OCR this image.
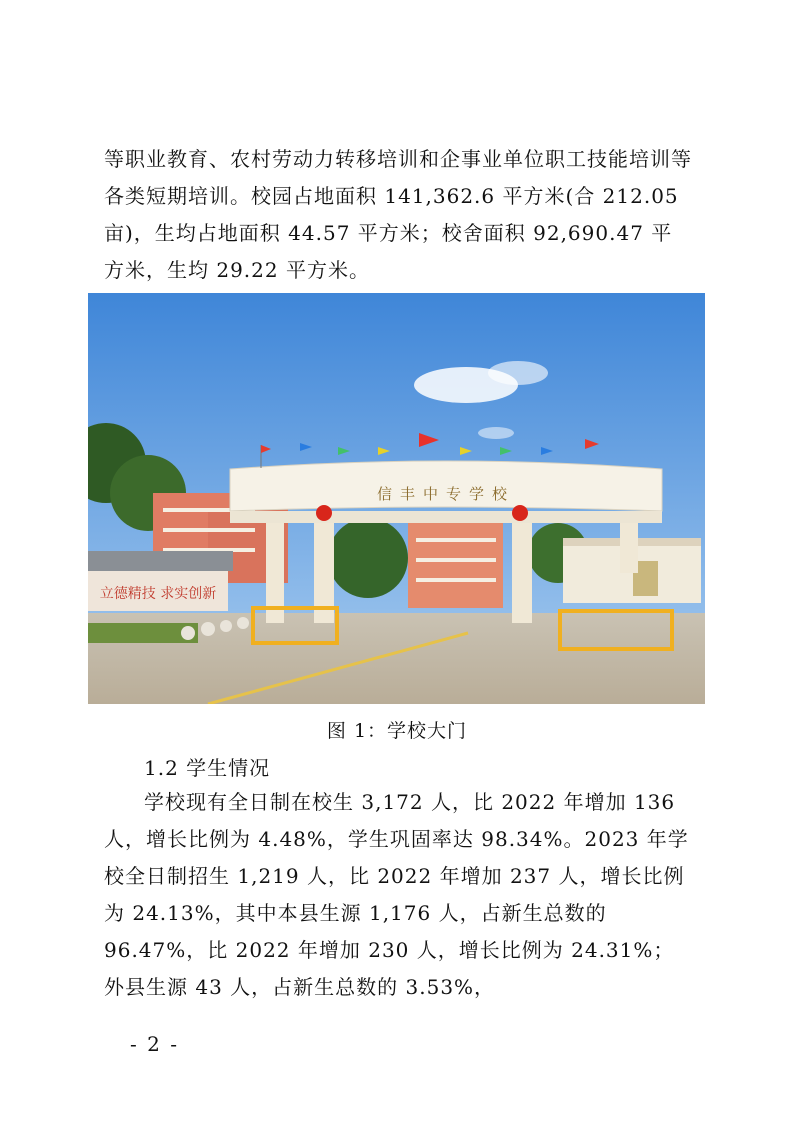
等职业教育、农村劳动力转移培训和企事业单位职工技能培训等各类短期培训。校园占地面积 141,362.6 平方米(合 212.05 亩)，生均占地面积 44.57 平方米；校舍面积 92,690.47 平方米，生均 29.22 平方米。
立德精技 求实创新
信丰中专学校
图 1：学校大门
1.2 学生情况
学校现有全日制在校生 3,172 人，比 2022 年增加 136 人，增长比例为 4.48%，学生巩固率达 98.34%。2023 年学校全日制招生 1,219 人，比 2022 年增加 237 人，增长比例为 24.13%，其中本县生源 1,176 人，占新生总数的 96.47%，比 2022 年增加 230 人，增长比例为 24.31%；外县生源 43 人，占新生总数的 3.53%，
- 2 -
